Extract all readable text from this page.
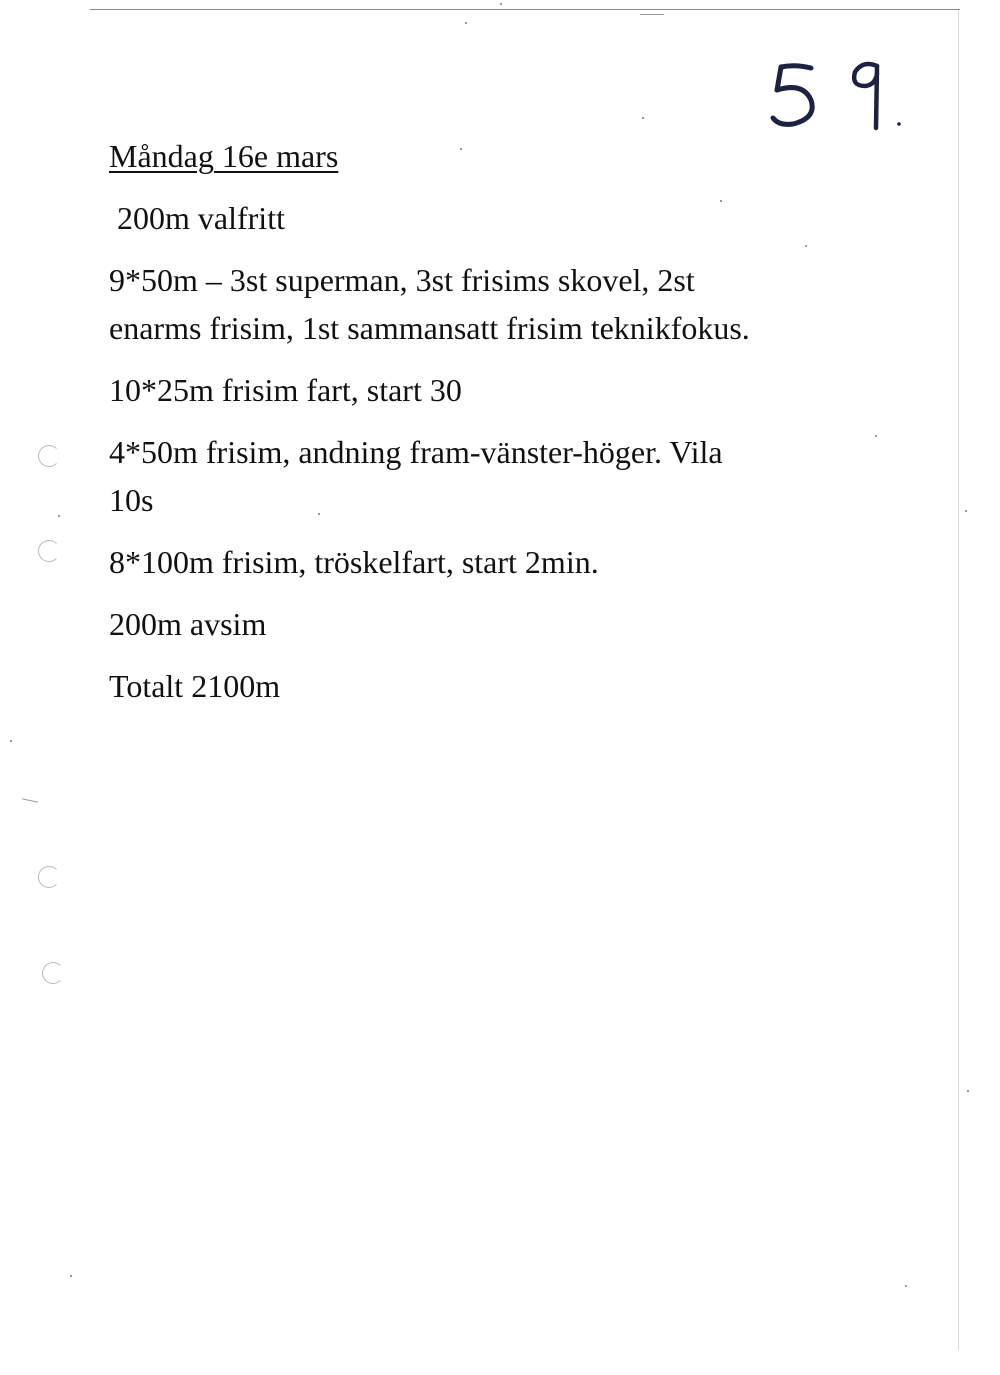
Måndag 16e mars

200m valfritt

9*50m – 3st superman, 3st frisims skovel, 2st

enarms frisim, 1st sammansatt frisim teknikfokus.

10*25m frisim fart, start 30

4*50m frisim, andning fram-vänster-höger. Vila

10s

8*100m frisim, tröskelfart, start 2min.

200m avsim

Totalt 2100m
